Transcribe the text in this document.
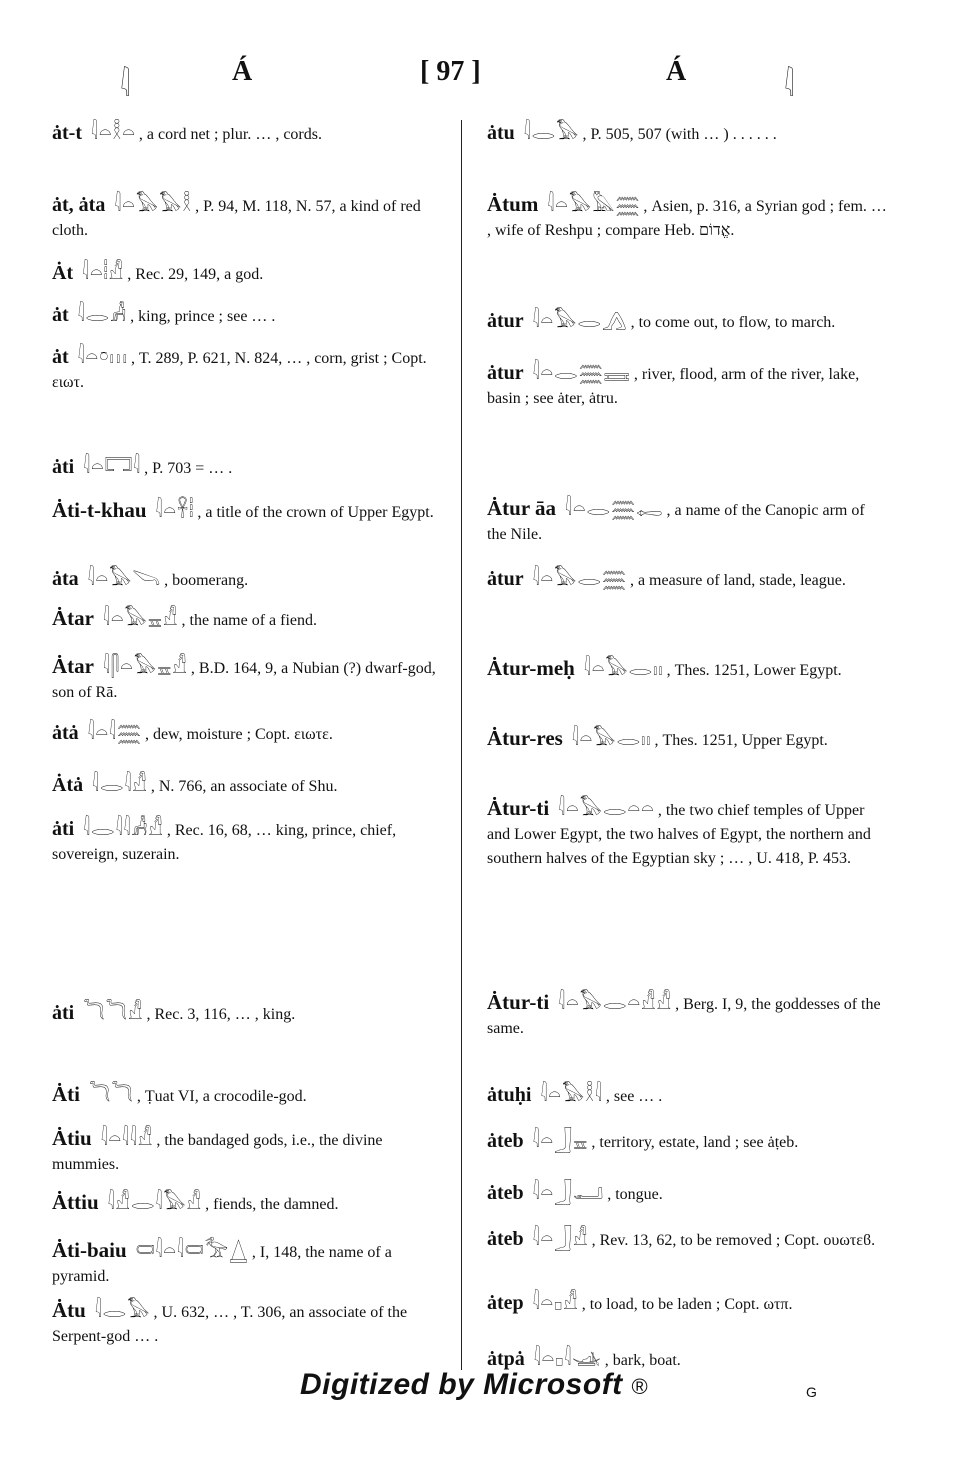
𓇋	Á	[ 97 ]	Á	𓇋
ȧt-t 𓇋𓏏𓎛𓏏 , a cord net ; plur. … , cords.
ȧt, ȧta 𓇋𓏏𓅃𓅃𓎛 , P. 94, M. 118, N. 57, a kind of red cloth.
Ȧt 𓇋𓏏𓏪𓀭 , Rec. 29, 149, a god.
ȧt 𓇋𓂋𓀻 , king, prince ; see … .
ȧt 𓇋𓏏𓏌𓏥 , T. 289, P. 621, N. 824, … , corn, grist ; Copt. ειωτ.
ȧti 𓇋𓏏𓉐𓇋 , P. 703 = … .
Ȧti-t-khau 𓇋𓏏𓋹𓏪 , a title of the crown of Upper Egypt.
ȧta 𓇋𓏏𓅃𓌪 , boomerang.
Ȧtar 𓇋𓏏𓅃𓈇𓀭 , the name of a fiend.
Ȧtar 𓇋𓋴𓏏𓅃𓈇𓀭 , B.D. 164, 9, a Nubian (?) dwarf-god, son of Rā.
ȧtȧ 𓇋𓏏𓇋𓈗 , dew, moisture ; Copt. ειωτε.
Ȧtȧ 𓇋𓂋𓇋𓀭 , N. 766, an associate of Shu.
ȧti 𓇋𓂋𓇋𓇋𓀻𓀭 , Rec. 16, 68, … king, prince, chief, sovereign, suzerain.
ȧti 𓆓𓆓𓀭 , Rec. 3, 116, … , king.
Ȧti 𓆓𓆓 , Ṭuat VI, a crocodile-god.
Ȧtiu 𓇋𓏏𓇋𓇋𓀭 , the bandaged gods, i.e., the divine mummies.
Ȧttiu 𓇋𓀭𓂋𓇋𓅃𓀭 , fiends, the damned.
Ȧti-baiu 𓍷𓇋𓏏𓇋𓍷𓅡𓉴 , I, 148, the name of a pyramid.
Ȧtu 𓇋𓂋𓅃 , U. 632, … , T. 306, an associate of the Serpent-god … .
ȧtu 𓇋𓂋𓅃 , P. 505, 507 (with … ) . . . . . .
Ȧtum 𓇋𓏏𓅃𓅓𓈗 , Asien, p. 316, a Syrian god ; fem. … , wife of Reshpu ; compare Heb. אֱדוֹם.
ȧtur 𓇋𓏏𓅃𓂋𓂻 , to come out, to flow, to march.
ȧtur 𓇋𓏏𓂋𓈗𓈘 , river, flood, arm of the river, lake, basin ; see ȧter, ȧtru.
Ȧtur āa 𓇋𓏏𓂋𓈗𓉻 , a name of the Canopic arm of the Nile.
ȧtur 𓇋𓏏𓅃𓂋𓈗 , a measure of land, stade, league.
Ȧtur-meḥ 𓇋𓏏𓅃𓂋𓏤𓏤 , Thes. 1251, Lower Egypt.
Ȧtur-res 𓇋𓏏𓅃𓂋𓏤𓏤 , Thes. 1251, Upper Egypt.
Ȧtur-ti 𓇋𓏏𓅃𓂋𓏏𓏏 , the two chief temples of Upper and Lower Egypt, the two halves of Egypt, the northern and southern halves of the Egyptian sky ; … , U. 418, P. 453.
Ȧtur-ti 𓇋𓏏𓅃𓂋𓏏𓀭𓀭 , Berg. I, 9, the goddesses of the same.
ȧtuḥi 𓇋𓏏𓅃𓎛𓇋 , see … .
ȧteb 𓇋𓏏𓃀𓈇 , territory, estate, land ; see ȧṭeb.
ȧteb 𓇋𓏏𓃀𓂝 , tongue.
ȧteb 𓇋𓏏𓃀𓀭 , Rev. 13, 62, to be removed ; Copt. ουωτεϐ.
ȧtep 𓇋𓏏𓊪𓀭 , to load, to be laden ; Copt. ωτπ.
ȧtpȧ 𓇋𓏏𓊪𓇋𓊛 , bark, boat.
Digitized by Microsoft ®	G
